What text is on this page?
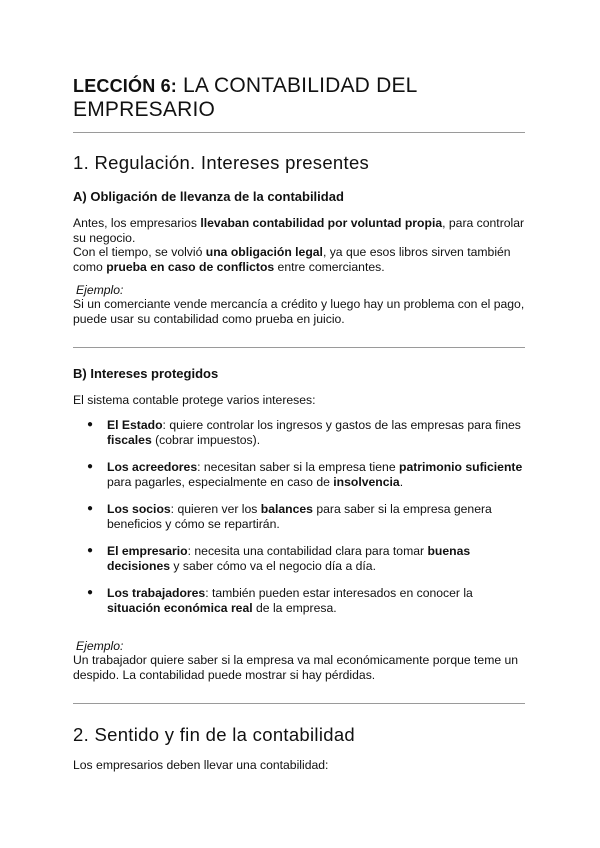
LECCIÓN 6: LA CONTABILIDAD DEL EMPRESARIO
1. Regulación. Intereses presentes
A) Obligación de llevanza de la contabilidad

Antes, los empresarios llevaban contabilidad por voluntad propia, para controlar su negocio.
Con el tiempo, se volvió una obligación legal, ya que esos libros sirven también como prueba en caso de conflictos entre comerciantes.

Ejemplo:

Si un comerciante vende mercancía a crédito y luego hay un problema con el pago, puede usar su contabilidad como prueba en juicio.

B) Intereses protegidos

El sistema contable protege varios intereses:

● El Estado: quiere controlar los ingresos y gastos de las empresas para fines fiscales (cobrar impuestos).

● Los acreedores: necesitan saber si la empresa tiene patrimonio suficiente para pagarles, especialmente en caso de insolvencia.

● Los socios: quieren ver los balances para saber si la empresa genera beneficios y cómo se repartirán.

● El empresario: necesita una contabilidad clara para tomar buenas decisiones y saber cómo va el negocio día a día.

● Los trabajadores: también pueden estar interesados en conocer la situación económica real de la empresa.

Ejemplo:

Un trabajador quiere saber si la empresa va mal económicamente porque teme un despido. La contabilidad puede mostrar si hay pérdidas.

2. Sentido y fin de la contabilidad

Los empresarios deben llevar una contabilidad:
